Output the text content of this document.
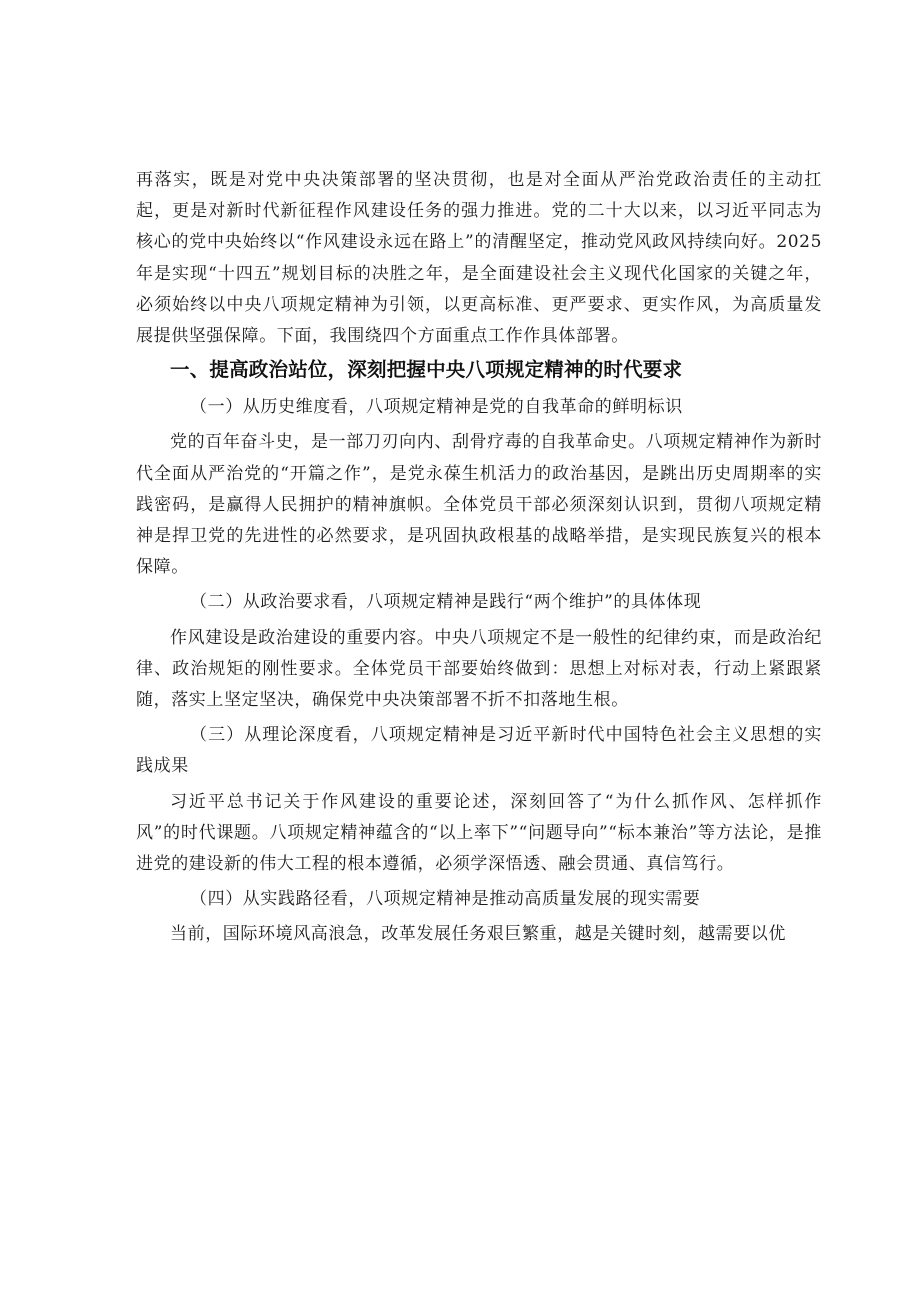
再落实，既是对党中央决策部署的坚决贯彻，也是对全面从严治党政治责任的主动扛起，更是对新时代新征程作风建设任务的强力推进。党的二十大以来，以习近平同志为核心的党中央始终以“作风建设永远在路上”的清醒坚定，推动党风政风持续向好。2025年是实现“十四五”规划目标的决胜之年，是全面建设社会主义现代化国家的关键之年，必须始终以中央八项规定精神为引领，以更高标准、更严要求、更实作风，为高质量发展提供坚强保障。下面，我围绕四个方面重点工作作具体部署。

一、提高政治站位，深刻把握中央八项规定精神的时代要求

（一）从历史维度看，八项规定精神是党的自我革命的鲜明标识

党的百年奋斗史，是一部刀刃向内、刮骨疗毒的自我革命史。八项规定精神作为新时代全面从严治党的“开篇之作”，是党永葆生机活力的政治基因，是跳出历史周期率的实践密码，是赢得人民拥护的精神旗帜。全体党员干部必须深刻认识到，贯彻八项规定精神是捍卫党的先进性的必然要求，是巩固执政根基的战略举措，是实现民族复兴的根本保障。

（二）从政治要求看，八项规定精神是践行“两个维护”的具体体现

作风建设是政治建设的重要内容。中央八项规定不是一般性的纪律约束，而是政治纪律、政治规矩的刚性要求。全体党员干部要始终做到：思想上对标对表，行动上紧跟紧随，落实上坚定坚决，确保党中央决策部署不折不扣落地生根。

（三）从理论深度看，八项规定精神是习近平新时代中国特色社会主义思想的实践成果

习近平总书记关于作风建设的重要论述，深刻回答了“为什么抓作风、怎样抓作风”的时代课题。八项规定精神蕴含的“以上率下”“问题导向”“标本兼治”等方法论，是推进党的建设新的伟大工程的根本遵循，必须学深悟透、融会贯通、真信笃行。

（四）从实践路径看，八项规定精神是推动高质量发展的现实需要

当前，国际环境风高浪急，改革发展任务艰巨繁重，越是关键时刻，越需要以优
